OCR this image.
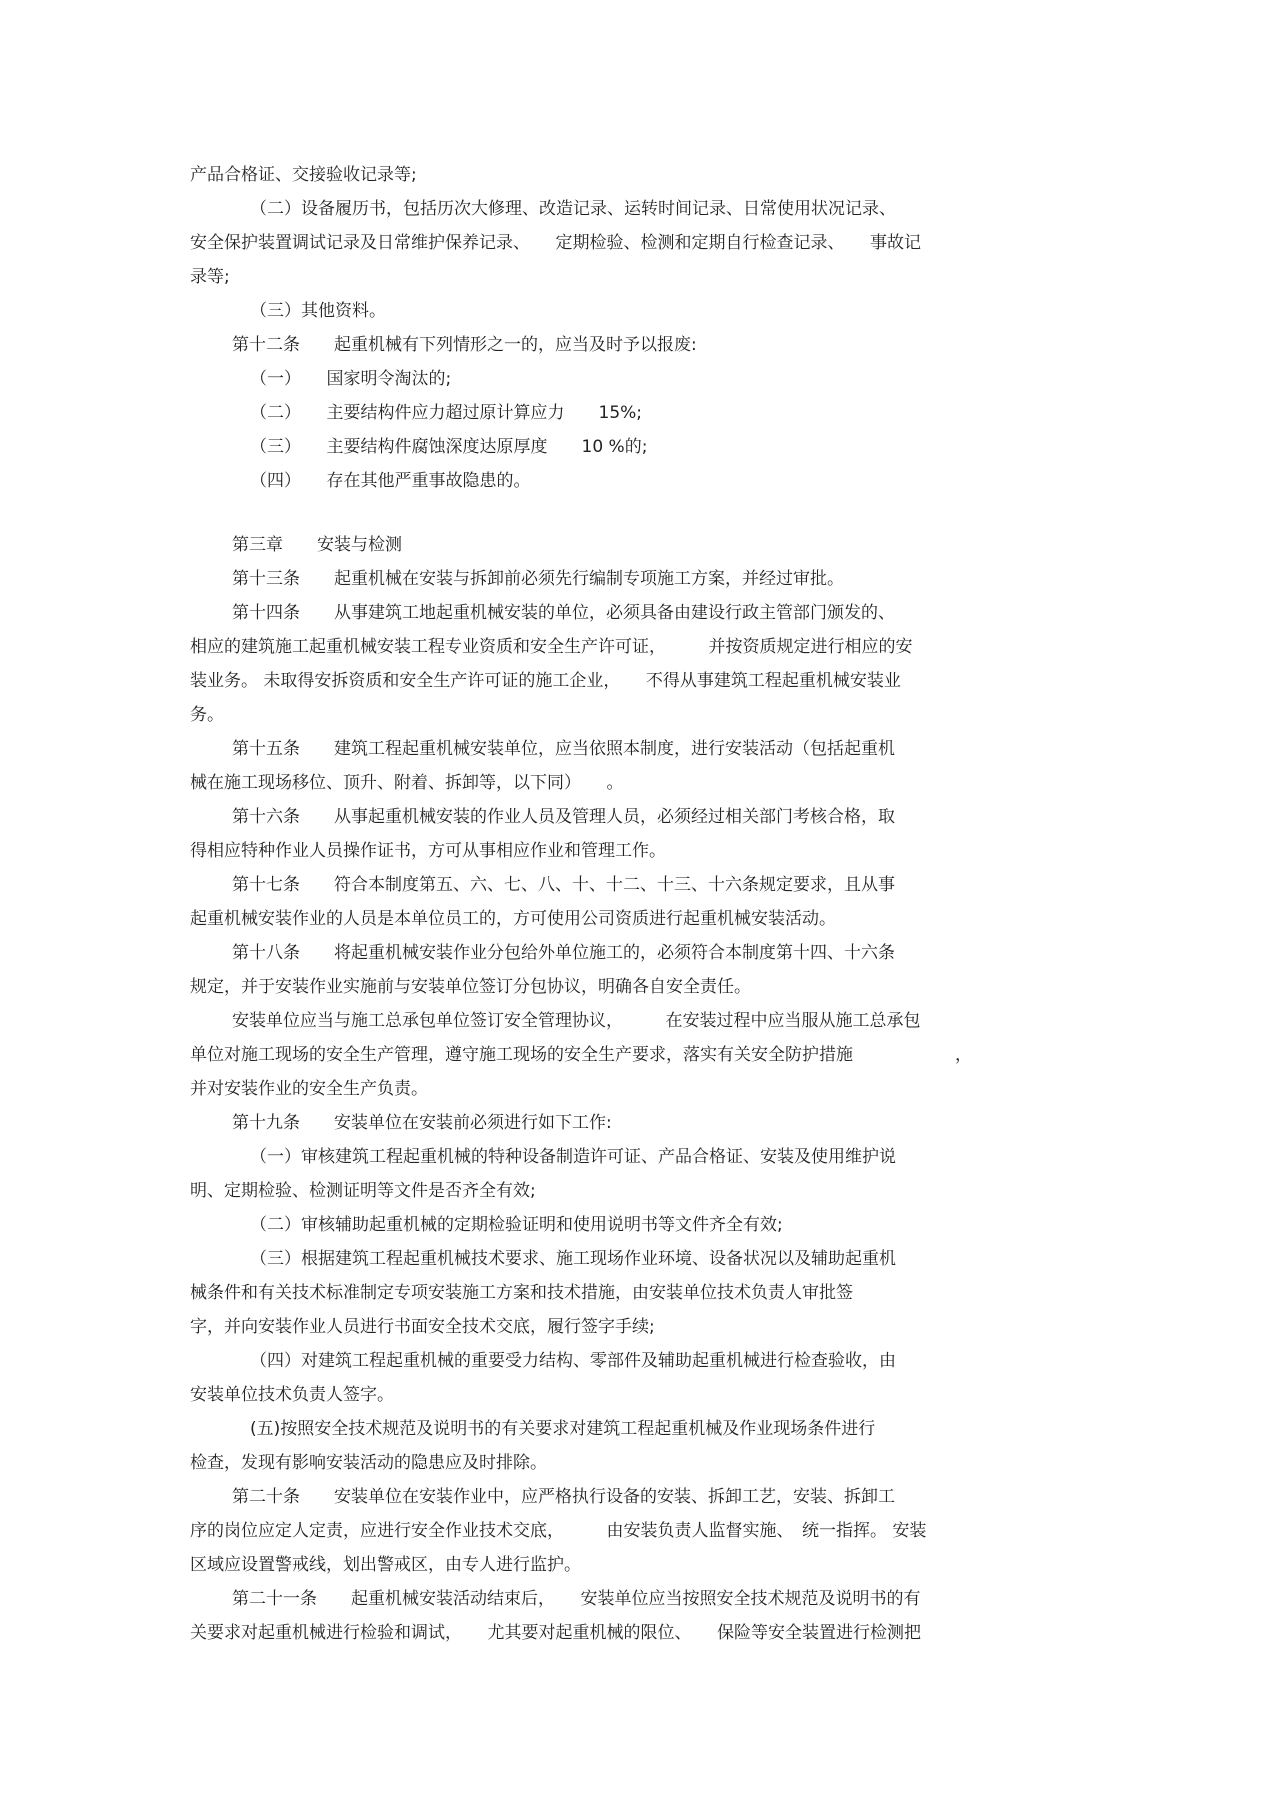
产品合格证、交接验收记录等;

（二）设备履历书，包括历次大修理、改造记录、运转时间记录、日常使用状况记录、

安全保护装置调试记录及日常维护保养记录、　　定期检验、检测和定期自行检查记录、　　事故记

录等;

（三）其他资料。

第十二条　　起重机械有下列情形之一的，应当及时予以报废:

（一）　　国家明令淘汰的;

（二）　　主要结构件应力超过原计算应力　　15%;

（三）　　主要结构件腐蚀深度达原厚度　　10 %的;

（四）　　存在其他严重事故隐患的。

第三章　　安装与检测

第十三条　　起重机械在安装与拆卸前必须先行编制专项施工方案，并经过审批。

第十四条　　从事建筑工地起重机械安装的单位，必须具备由建设行政主管部门颁发的、

相应的建筑施工起重机械安装工程专业资质和安全生产许可证，　　　并按资质规定进行相应的安

装业务。 未取得安拆资质和安全生产许可证的施工企业，　　不得从事建筑工程起重机械安装业

务。

第十五条　　建筑工程起重机械安装单位，应当依照本制度，进行安装活动（包括起重机

械在施工现场移位、顶升、附着、拆卸等，以下同）　　。

第十六条　　从事起重机械安装的作业人员及管理人员，必须经过相关部门考核合格，取

得相应特种作业人员操作证书，方可从事相应作业和管理工作。

第十七条　　符合本制度第五、六、七、八、十、十二、十三、十六条规定要求，且从事

起重机械安装作业的人员是本单位员工的，方可使用公司资质进行起重机械安装活动。

第十八条　　将起重机械安装作业分包给外单位施工的，必须符合本制度第十四、十六条

规定，并于安装作业实施前与安装单位签订分包协议，明确各自安全责任。

安装单位应当与施工总承包单位签订安全管理协议，　　　在安装过程中应当服从施工总承包

单位对施工现场的安全生产管理，遵守施工现场的安全生产要求，落实有关安全防护措施　　　　　　，

并对安装作业的安全生产负责。

第十九条　　安装单位在安装前必须进行如下工作:

（一）审核建筑工程起重机械的特种设备制造许可证、产品合格证、安装及使用维护说

明、定期检验、检测证明等文件是否齐全有效;

（二）审核辅助起重机械的定期检验证明和使用说明书等文件齐全有效;

（三）根据建筑工程起重机械技术要求、施工现场作业环境、设备状况以及辅助起重机

械条件和有关技术标准制定专项安装施工方案和技术措施，由安装单位技术负责人审批签

字，并向安装作业人员进行书面安全技术交底，履行签字手续;

（四）对建筑工程起重机械的重要受力结构、零部件及辅助起重机械进行检查验收，由

安装单位技术负责人签字。

(五)按照安全技术规范及说明书的有关要求对建筑工程起重机械及作业现场条件进行

检查，发现有影响安装活动的隐患应及时排除。

第二十条　　安装单位在安装作业中，应严格执行设备的安装、拆卸工艺，安装、拆卸工

序的岗位应定人定责，应进行安全作业技术交底，　　　由安装负责人监督实施、　统一指挥。 安装

区域应设置警戒线，划出警戒区，由专人进行监护。

第二十一条　　起重机械安装活动结束后，　　安装单位应当按照安全技术规范及说明书的有

关要求对起重机械进行检验和调试，　　尤其要对起重机械的限位、　　保险等安全装置进行检测把
